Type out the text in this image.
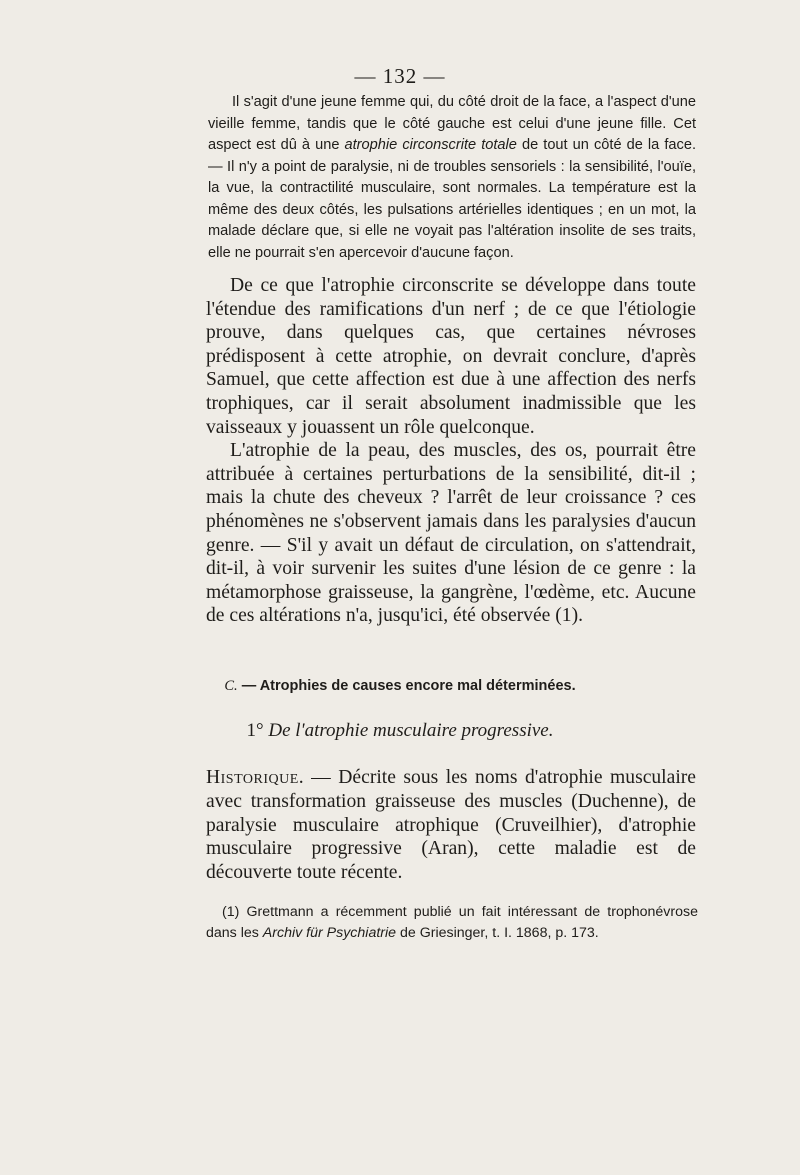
— 132 —

Il s'agit d'une jeune femme qui, du côté droit de la face, a l'aspect d'une vieille femme, tandis que le côté gauche est celui d'une jeune fille. Cet aspect est dû à une atrophie circonscrite totale de tout un côté de la face. — Il n'y a point de paralysie, ni de troubles sensoriels : la sensibilité, l'ouïe, la vue, la contractilité musculaire, sont normales. La température est la même des deux côtés, les pulsations artérielles identiques ; en un mot, la malade déclare que, si elle ne voyait pas l'altération insolite de ses traits, elle ne pourrait s'en apercevoir d'aucune façon.

De ce que l'atrophie circonscrite se développe dans toute l'étendue des ramifications d'un nerf ; de ce que l'étiologie prouve, dans quelques cas, que certaines névroses prédisposent à cette atrophie, on devrait conclure, d'après Samuel, que cette affection est due à une affection des nerfs trophiques, car il serait absolument inadmissible que les vaisseaux y jouassent un rôle quelconque.

L'atrophie de la peau, des muscles, des os, pourrait être attribuée à certaines perturbations de la sensibilité, dit-il ; mais la chute des cheveux ? l'arrêt de leur croissance ? ces phénomènes ne s'observent jamais dans les paralysies d'aucun genre. — S'il y avait un défaut de circulation, on s'attendrait, dit-il, à voir survenir les suites d'une lésion de ce genre : la métamorphose graisseuse, la gangrène, l'œdème, etc. Aucune de ces altérations n'a, jusqu'ici, été observée (1).

C. — Atrophies de causes encore mal déterminées.
1° De l'atrophie musculaire progressive.

Historique. — Décrite sous les noms d'atrophie musculaire avec transformation graisseuse des muscles (Duchenne), de paralysie musculaire atrophique (Cruveilhier), d'atrophie musculaire progressive (Aran), cette maladie est de découverte toute récente.

(1) Grettmann a récemment publié un fait intéressant de trophonévrose dans les Archiv für Psychiatrie de Griesinger, t. I. 1868, p. 173.
